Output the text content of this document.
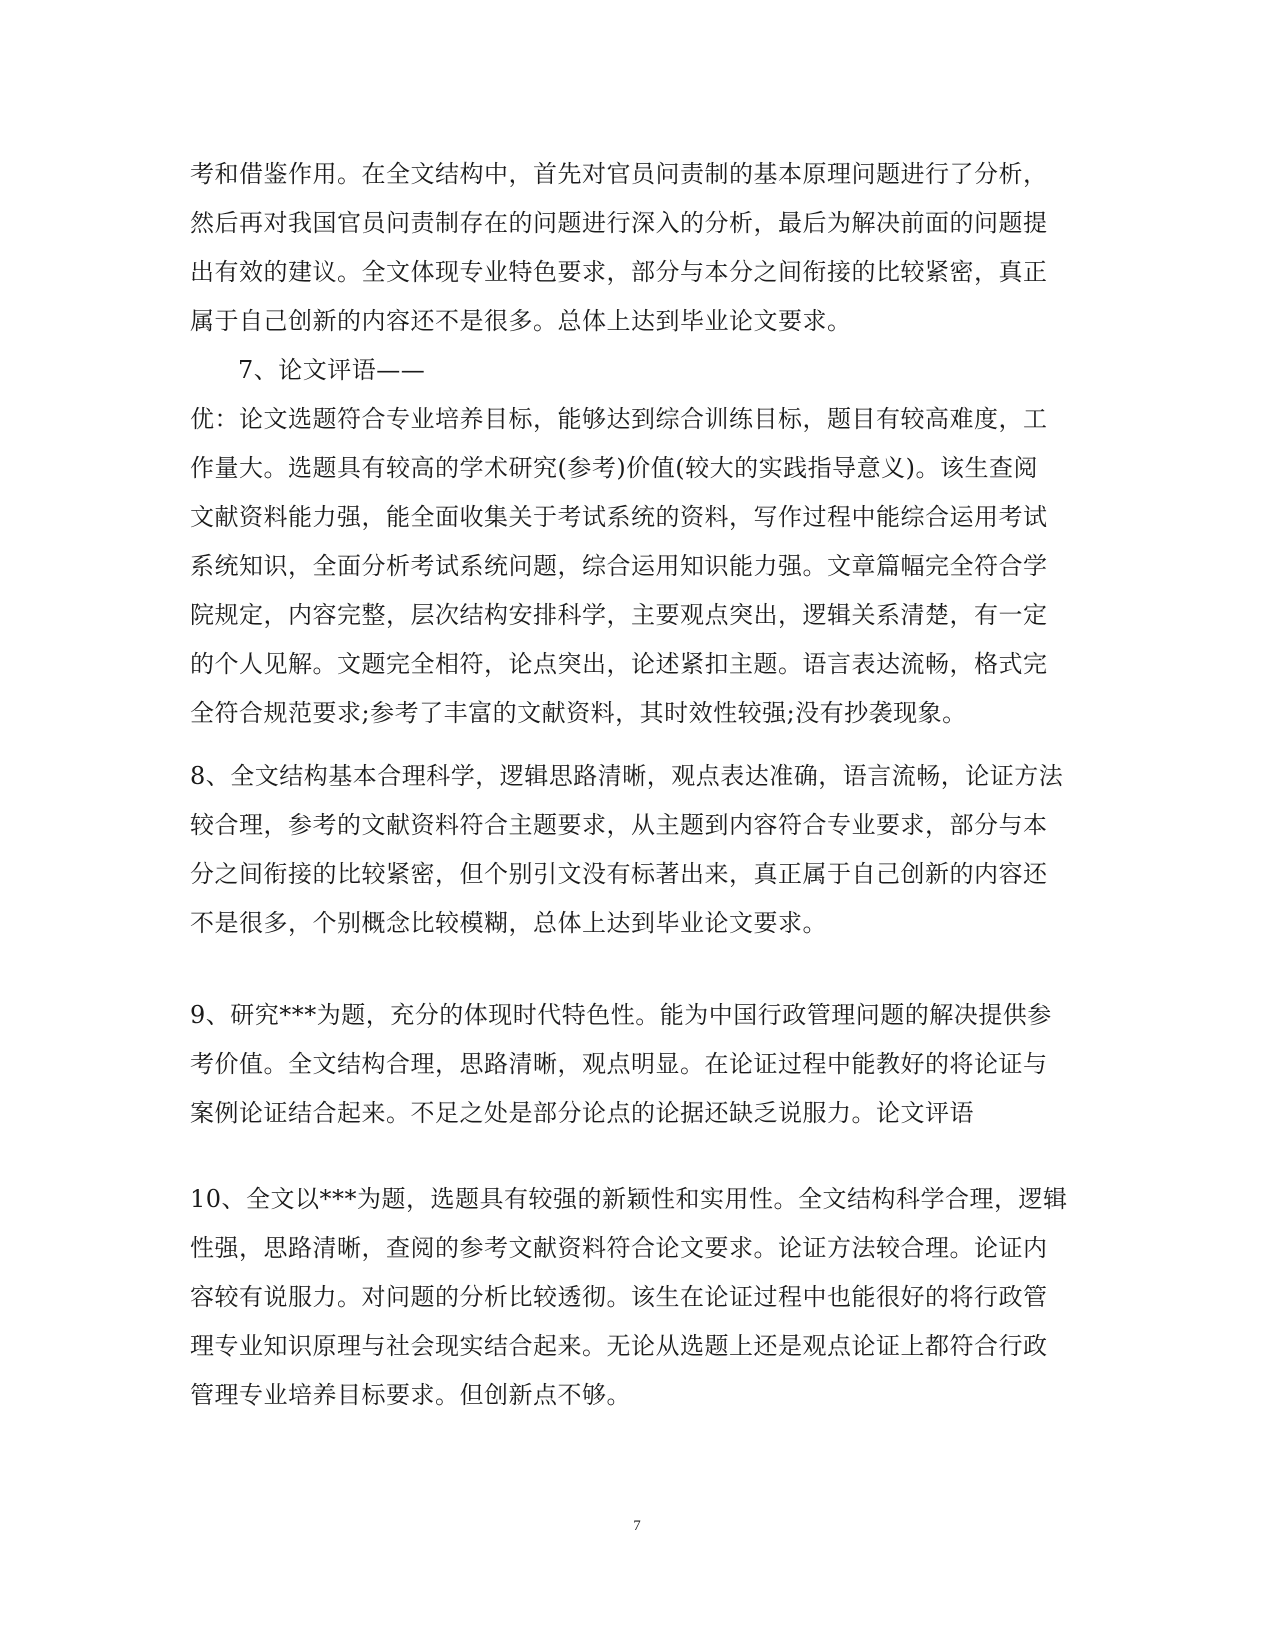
考和借鉴作用。在全文结构中，首先对官员问责制的基本原理问题进行了分析，
然后再对我国官员问责制存在的问题进行深入的分析，最后为解决前面的问题提
出有效的建议。全文体现专业特色要求，部分与本分之间衔接的比较紧密，真正
属于自己创新的内容还不是很多。总体上达到毕业论文要求。
7、论文评语——
优：论文选题符合专业培养目标，能够达到综合训练目标，题目有较高难度，工
作量大。选题具有较高的学术研究(参考)价值(较大的实践指导意义)。该生查阅
文献资料能力强，能全面收集关于考试系统的资料，写作过程中能综合运用考试
系统知识，全面分析考试系统问题，综合运用知识能力强。文章篇幅完全符合学
院规定，内容完整，层次结构安排科学，主要观点突出，逻辑关系清楚，有一定
的个人见解。文题完全相符，论点突出，论述紧扣主题。语言表达流畅，格式完
全符合规范要求;参考了丰富的文献资料，其时效性较强;没有抄袭现象。
8、全文结构基本合理科学，逻辑思路清晰，观点表达准确，语言流畅，论证方法
较合理，参考的文献资料符合主题要求，从主题到内容符合专业要求，部分与本
分之间衔接的比较紧密，但个别引文没有标著出来，真正属于自己创新的内容还
不是很多，个别概念比较模糊，总体上达到毕业论文要求。
9、研究***为题，充分的体现时代特色性。能为中国行政管理问题的解决提供参
考价值。全文结构合理，思路清晰，观点明显。在论证过程中能教好的将论证与
案例论证结合起来。不足之处是部分论点的论据还缺乏说服力。论文评语
10、全文以***为题，选题具有较强的新颖性和实用性。全文结构科学合理，逻辑
性强，思路清晰，查阅的参考文献资料符合论文要求。论证方法较合理。论证内
容较有说服力。对问题的分析比较透彻。该生在论证过程中也能很好的将行政管
理专业知识原理与社会现实结合起来。无论从选题上还是观点论证上都符合行政
管理专业培养目标要求。但创新点不够。
7
